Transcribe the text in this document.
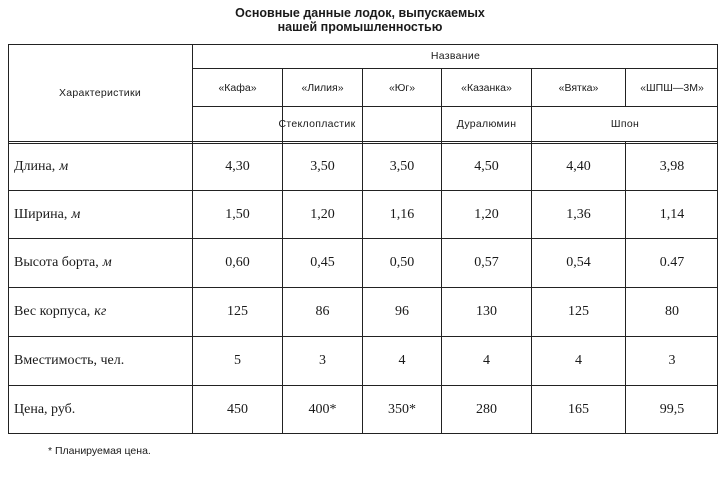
Основные данные лодок, выпускаемых
нашей промышленностью
Характеристики
Название
«Кафа»	«Лилия»	«Юг»	«Казанка»	«Вятка»	«ШПШ—3М»
Стеклопластик	Дуралюмин	Шпон
Длина, м	4,30	3,50	3,50	4,50	4,40	3,98
Ширина, м	1,50	1,20	1,16	1,20	1,36	1,14
Высота борта, м	0,60	0,45	0,50	0,57	0,54	0.47
Вес корпуса, кг	125	86	96	130	125	80
Вместимость, чел.	5	3	4	4	4	3
Цена, руб.	450	400*	350*	280	165	99,5
* Планируемая цена.
